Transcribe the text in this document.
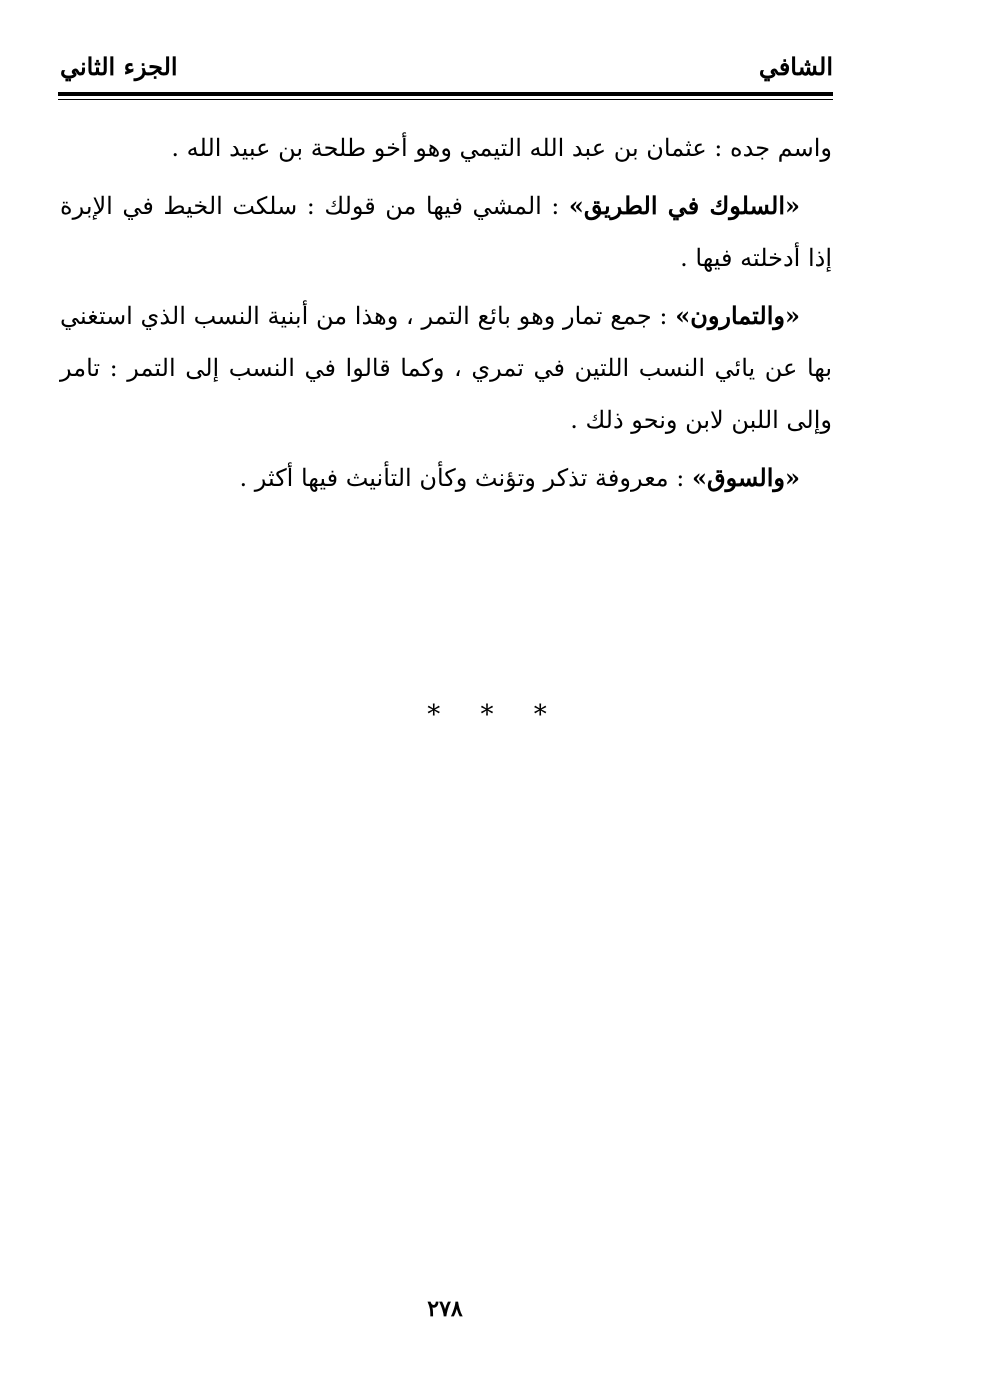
الشافي
الجزء الثاني

واسم جده : عثمان بن عبد الله التيمي وهو أخو طلحة بن عبيد الله .

«السلوك في الطريق» : المشي فيها من قولك : سلكت الخيط في الإبرة إذا أدخلته فيها .

«والتمارون» : جمع تمار وهو بائع التمر ، وهذا من أبنية النسب الذي استغني بها عن يائي النسب اللتين في تمري ، وكما قالوا في النسب إلى التمر : تامر وإلى اللبن لابن ونحو ذلك .

«والسوق» : معروفة تذكر وتؤنث وكأن التأنيث فيها أكثر .

* * *
٢٧٨
